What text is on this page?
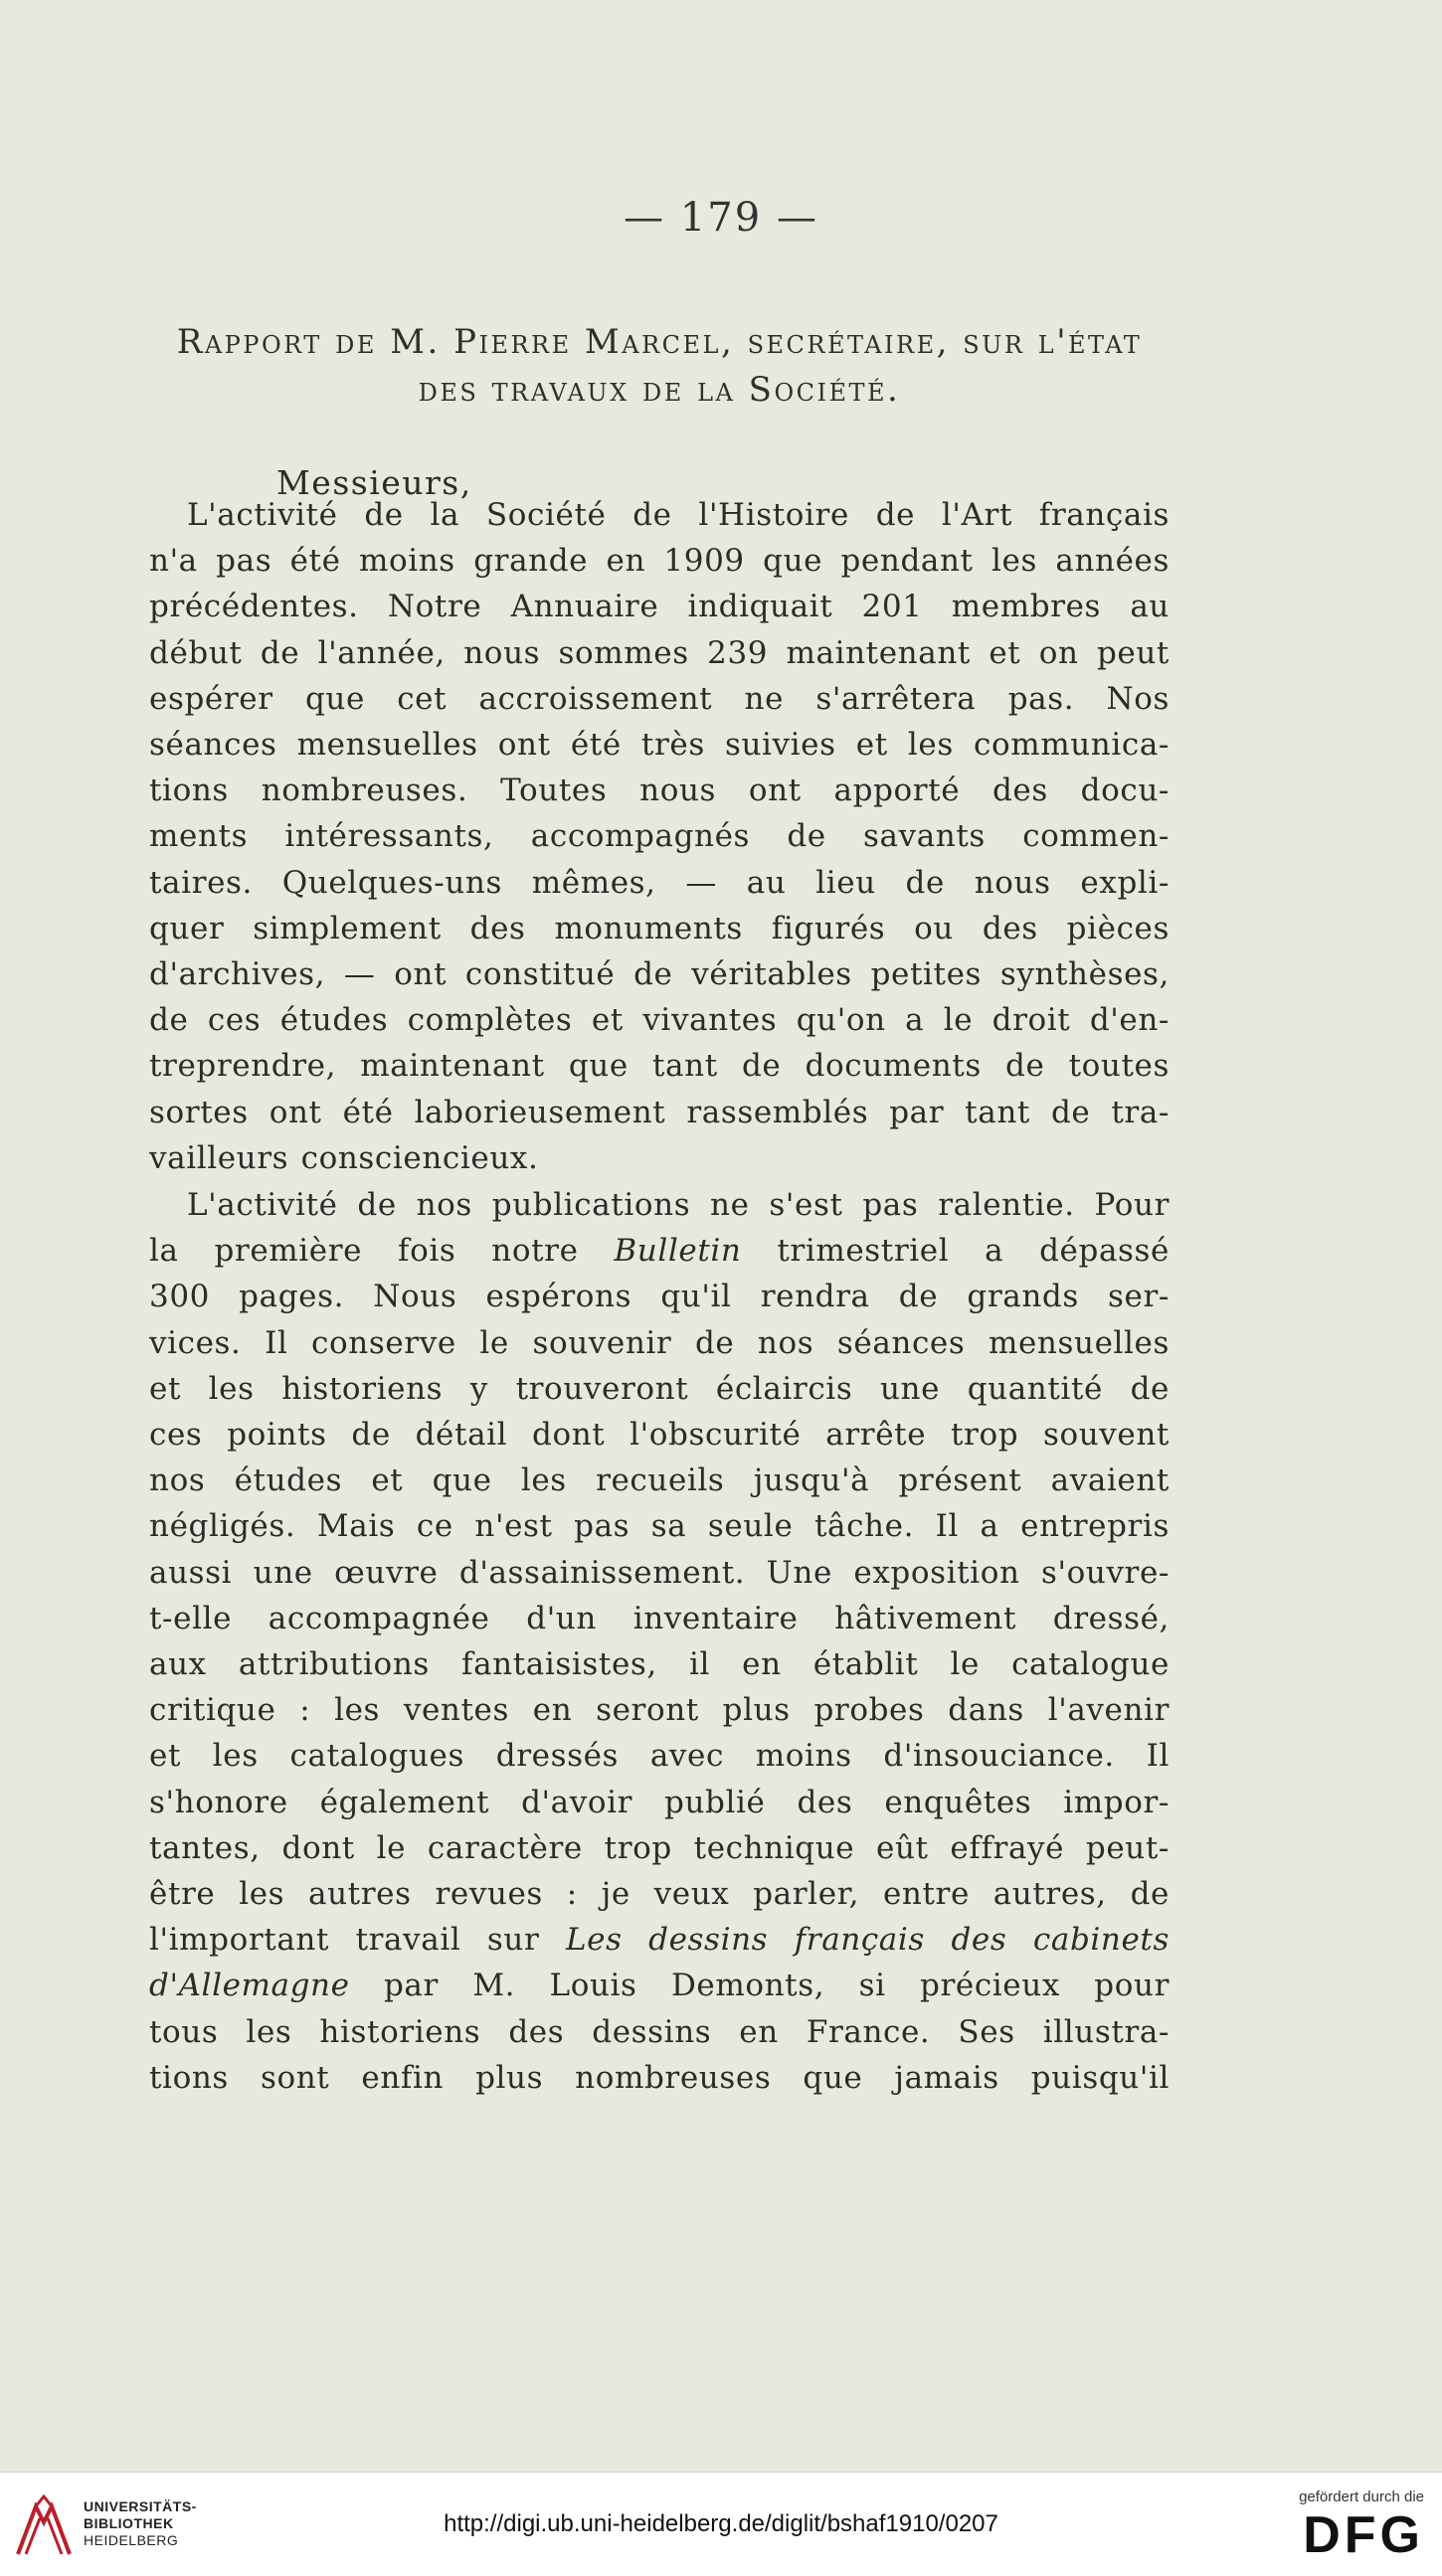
— 179 —
Rapport de M. Pierre Marcel, secrétaire, sur l'état
des travaux de la Société.
Messieurs,
L'activité de la Société de l'Histoire de l'Art français
n'a pas été moins grande en 1909 que pendant les années
précédentes. Notre Annuaire indiquait 201 membres au
début de l'année, nous sommes 239 maintenant et on peut
espérer que cet accroissement ne s'arrêtera pas. Nos
séances mensuelles ont été très suivies et les communica-
tions nombreuses. Toutes nous ont apporté des docu-
ments intéressants, accompagnés de savants commen-
taires. Quelques-uns mêmes, — au lieu de nous expli-
quer simplement des monuments figurés ou des pièces
d'archives, — ont constitué de véritables petites synthèses,
de ces études complètes et vivantes qu'on a le droit d'en-
treprendre, maintenant que tant de documents de toutes
sortes ont été laborieusement rassemblés par tant de tra-
vailleurs consciencieux.
L'activité de nos publications ne s'est pas ralentie. Pour
la première fois notre Bulletin trimestriel a dépassé
300 pages. Nous espérons qu'il rendra de grands ser-
vices. Il conserve le souvenir de nos séances mensuelles
et les historiens y trouveront éclaircis une quantité de
ces points de détail dont l'obscurité arrête trop souvent
nos études et que les recueils jusqu'à présent avaient
négligés. Mais ce n'est pas sa seule tâche. Il a entrepris
aussi une œuvre d'assainissement. Une exposition s'ouvre-
t-elle accompagnée d'un inventaire hâtivement dressé,
aux attributions fantaisistes, il en établit le catalogue
critique : les ventes en seront plus probes dans l'avenir
et les catalogues dressés avec moins d'insouciance. Il
s'honore également d'avoir publié des enquêtes impor-
tantes, dont le caractère trop technique eût effrayé peut-
être les autres revues : je veux parler, entre autres, de
l'important travail sur Les dessins français des cabinets
d'Allemagne par M. Louis Demonts, si précieux pour
tous les historiens des dessins en France. Ses illustra-
tions sont enfin plus nombreuses que jamais puisqu'il
UNIVERSITÄTS-
BIBLIOTHEK
HEIDELBERG
http://digi.ub.uni-heidelberg.de/diglit/bshaf1910/0207
gefördert durch die
DFG
